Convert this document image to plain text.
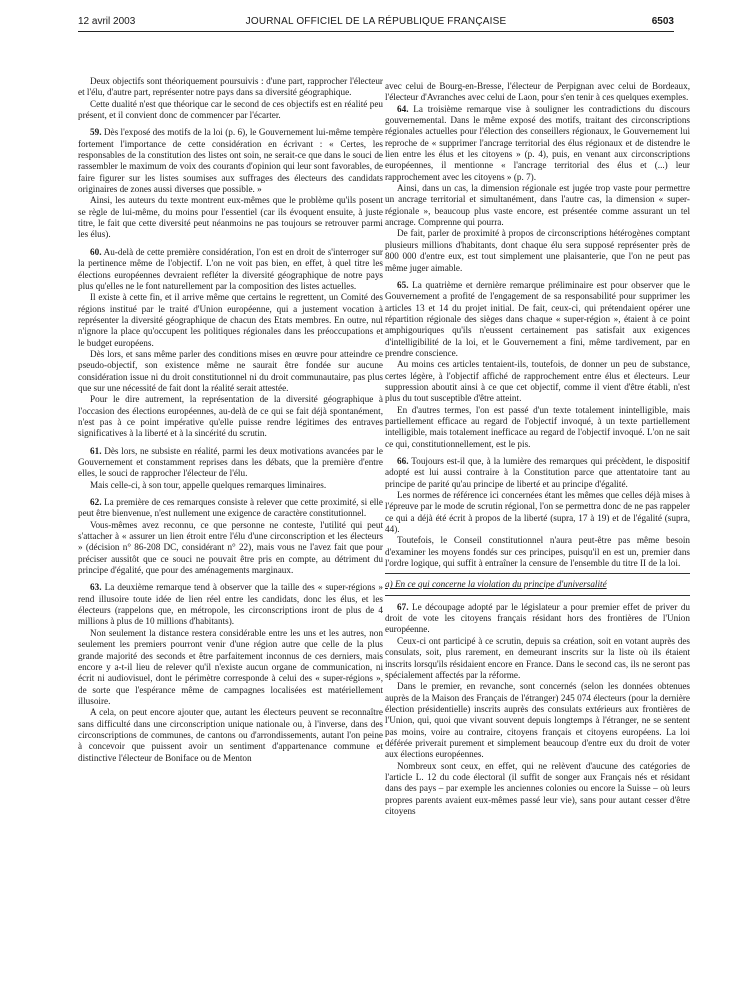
12 avril 2003	JOURNAL OFFICIEL DE LA RÉPUBLIQUE FRANÇAISE	6503

Deux objectifs sont théoriquement poursuivis : d'une part, rapprocher l'électeur et l'élu, d'autre part, représenter notre pays dans sa diversité géographique.

Cette dualité n'est que théorique car le second de ces objectifs est en réalité peu présent, et il convient donc de commencer par l'écarter.

59. Dès l'exposé des motifs de la loi (p. 6), le Gouvernement lui-même tempère fortement l'importance de cette considération en écrivant : « Certes, les responsables de la constitution des listes ont soin, ne serait-ce que dans le souci de rassembler le maximum de voix des courants d'opinion qui leur sont favorables, de faire figurer sur les listes soumises aux suffrages des électeurs des candidats originaires de zones aussi diverses que possible. »

Ainsi, les auteurs du texte montrent eux-mêmes que le problème qu'ils posent se règle de lui-même, du moins pour l'essentiel (car ils évoquent ensuite, à juste titre, le fait que cette diversité peut néanmoins ne pas toujours se retrouver parmi les élus).

60. Au-delà de cette première considération, l'on est en droit de s'interroger sur la pertinence même de l'objectif. L'on ne voit pas bien, en effet, à quel titre les élections européennes devraient refléter la diversité géographique de notre pays plus qu'elles ne le font naturellement par la composition des listes actuelles.

Il existe à cette fin, et il arrive même que certains le regrettent, un Comité des régions institué par le traité d'Union européenne, qui a justement vocation à représenter la diversité géographique de chacun des Etats membres. En outre, nul n'ignore la place qu'occupent les politiques régionales dans les préoccupations et le budget européens.

Dès lors, et sans même parler des conditions mises en œuvre pour atteindre ce pseudo-objectif, son existence même ne saurait être fondée sur aucune considération issue ni du droit constitutionnel ni du droit communautaire, pas plus que sur une nécessité de fait dont la réalité serait attestée.

Pour le dire autrement, la représentation de la diversité géographique à l'occasion des élections européennes, au-delà de ce qui se fait déjà spontanément, n'est pas à ce point impérative qu'elle puisse rendre légitimes des entraves significatives à la liberté et à la sincérité du scrutin.

61. Dès lors, ne subsiste en réalité, parmi les deux motivations avancées par le Gouvernement et constamment reprises dans les débats, que la première d'entre elles, le souci de rapprocher l'électeur de l'élu.

Mais celle-ci, à son tour, appelle quelques remarques liminaires.

62. La première de ces remarques consiste à relever que cette proximité, si elle peut être bienvenue, n'est nullement une exigence de caractère constitutionnel.

Vous-mêmes avez reconnu, ce que personne ne conteste, l'utilité qui peut s'attacher à « assurer un lien étroit entre l'élu d'une circonscription et les électeurs » (décision n° 86-208 DC, considérant n° 22), mais vous ne l'avez fait que pour préciser aussitôt que ce souci ne pouvait être pris en compte, au détriment du principe d'égalité, que pour des aménagements marginaux.

63. La deuxième remarque tend à observer que la taille des « super-régions » rend illusoire toute idée de lien réel entre les candidats, donc les élus, et les électeurs (rappelons que, en métropole, les circonscriptions iront de plus de 4 millions à plus de 10 millions d'habitants).

Non seulement la distance restera considérable entre les uns et les autres, non seulement les premiers pourront venir d'une région autre que celle de la plus grande majorité des seconds et être parfaitement inconnus de ces derniers, mais encore y a-t-il lieu de relever qu'il n'existe aucun organe de communication, ni écrit ni audiovisuel, dont le périmètre corresponde à celui des « super-régions », de sorte que l'espérance même de campagnes localisées est matériellement illusoire.

A cela, on peut encore ajouter que, autant les électeurs peuvent se reconnaître sans difficulté dans une circonscription unique nationale ou, à l'inverse, dans des circonscriptions de communes, de cantons ou d'arrondissements, autant l'on peine à concevoir que puissent avoir un sentiment d'appartenance commune et distinctive l'électeur de Boniface ou de Menton

avec celui de Bourg-en-Bresse, l'électeur de Perpignan avec celui de Bordeaux, l'électeur d'Avranches avec celui de Laon, pour s'en tenir à ces quelques exemples.

64. La troisième remarque vise à souligner les contradictions du discours gouvernemental. Dans le même exposé des motifs, traitant des circonscriptions régionales actuelles pour l'élection des conseillers régionaux, le Gouvernement lui reproche de « supprimer l'ancrage territorial des élus régionaux et de distendre le lien entre les élus et les citoyens » (p. 4), puis, en venant aux circonscriptions européennes, il mentionne « l'ancrage territorial des élus et (...) leur rapprochement avec les citoyens » (p. 7).

Ainsi, dans un cas, la dimension régionale est jugée trop vaste pour permettre un ancrage territorial et simultanément, dans l'autre cas, la dimension « super-régionale », beaucoup plus vaste encore, est présentée comme assurant un tel ancrage. Comprenne qui pourra.

De fait, parler de proximité à propos de circonscriptions hétérogènes comptant plusieurs millions d'habitants, dont chaque élu sera supposé représenter près de 800 000 d'entre eux, est tout simplement une plaisanterie, que l'on ne peut pas même juger aimable.

65. La quatrième et dernière remarque préliminaire est pour observer que le Gouvernement a profité de l'engagement de sa responsabilité pour supprimer les articles 13 et 14 du projet initial. De fait, ceux-ci, qui prétendaient opérer une répartition régionale des sièges dans chaque « super-région », étaient à ce point amphigouriques qu'ils n'eussent certainement pas satisfait aux exigences d'intelligibilité de la loi, et le Gouvernement a fini, même tardivement, par en prendre conscience.

Au moins ces articles tentaient-ils, toutefois, de donner un peu de substance, certes légère, à l'objectif affiché de rapprochement entre élus et électeurs. Leur suppression aboutit ainsi à ce que cet objectif, comme il vient d'être établi, n'est plus du tout susceptible d'être atteint.

En d'autres termes, l'on est passé d'un texte totalement inintelligible, mais partiellement efficace au regard de l'objectif invoqué, à un texte partiellement intelligible, mais totalement inefficace au regard de l'objectif invoqué. L'on ne sait ce qui, constitutionnellement, est le pis.

66. Toujours est-il que, à la lumière des remarques qui précèdent, le dispositif adopté est lui aussi contraire à la Constitution parce que attentatoire tant au principe de parité qu'au principe de liberté et au principe d'égalité.

Les normes de référence ici concernées étant les mêmes que celles déjà mises à l'épreuve par le mode de scrutin régional, l'on se permettra donc de ne pas rappeler ce qui a déjà été écrit à propos de la liberté (supra, 17 à 19) et de l'égalité (supra, 44).

Toutefois, le Conseil constitutionnel n'aura peut-être pas même besoin d'examiner les moyens fondés sur ces principes, puisqu'il en est un, premier dans l'ordre logique, qui suffit à entraîner la censure de l'ensemble du titre II de la loi.

a) En ce qui concerne la violation du principe d'universalité

67. Le découpage adopté par le législateur a pour premier effet de priver du droit de vote les citoyens français résidant hors des frontières de l'Union européenne.

Ceux-ci ont participé à ce scrutin, depuis sa création, soit en votant auprès des consulats, soit, plus rarement, en demeurant inscrits sur la liste où ils étaient inscrits lorsqu'ils résidaient encore en France. Dans le second cas, ils ne seront pas spécialement affectés par la réforme.

Dans le premier, en revanche, sont concernés (selon les données obtenues auprès de la Maison des Français de l'étranger) 245 074 électeurs (pour la dernière élection présidentielle) inscrits auprès des consulats extérieurs aux frontières de l'Union, qui, quoi que vivant souvent depuis longtemps à l'étranger, ne se sentent pas moins, voire au contraire, citoyens français et citoyens européens. La loi déférée priverait purement et simplement beaucoup d'entre eux du droit de voter aux élections européennes.

Nombreux sont ceux, en effet, qui ne relèvent d'aucune des catégories de l'article L. 12 du code électoral (il suffit de songer aux Français nés et résidant dans des pays – par exemple les anciennes colonies ou encore la Suisse – où leurs propres parents avaient eux-mêmes passé leur vie), sans pour autant cesser d'être citoyens
